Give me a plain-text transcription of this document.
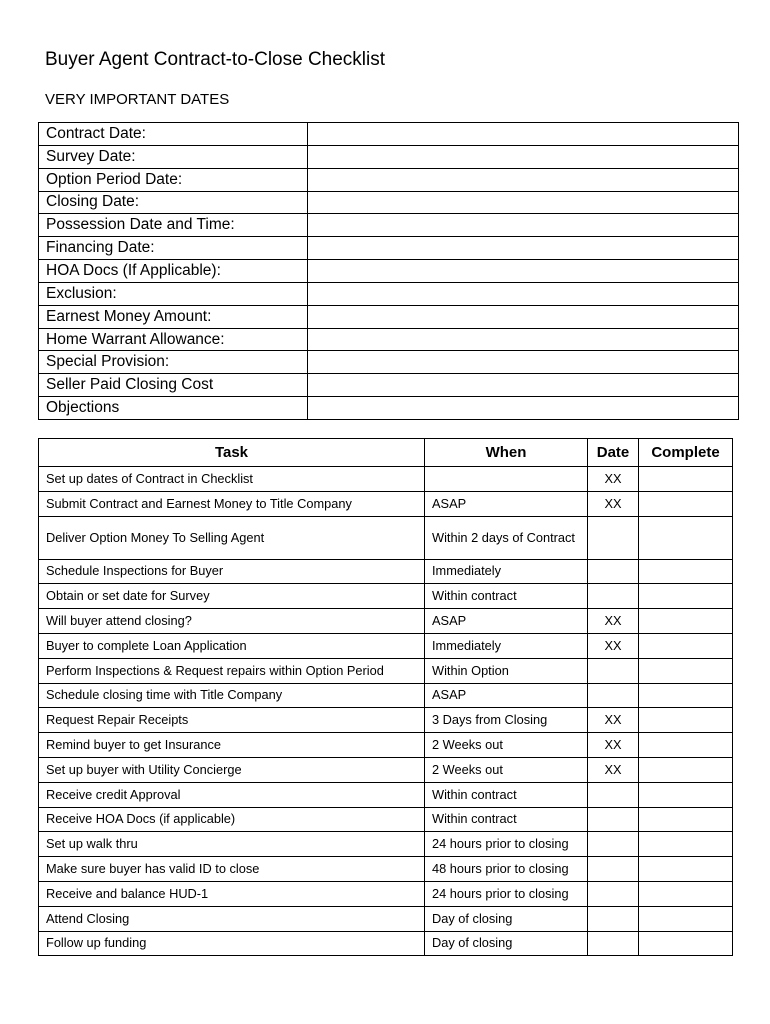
Buyer Agent Contract-to-Close Checklist
VERY IMPORTANT DATES
Contract Date:	
Survey Date:	
Option Period Date:	
Closing Date:	
Possession Date and Time:	
Financing Date:	
HOA Docs (If Applicable):	
Exclusion:	
Earnest Money Amount:	
Home Warrant Allowance:	
Special Provision:	
Seller Paid Closing Cost	
Objections	
Task	When	Date	Complete
Set up dates of Contract in Checklist		XX	
Submit Contract and Earnest Money to Title Company	ASAP	XX	
Deliver Option Money To Selling Agent	Within 2 days of Contract		
Schedule Inspections for Buyer	Immediately		
Obtain or set date for Survey	Within contract		
Will buyer attend closing?	ASAP	XX	
Buyer to complete Loan Application	Immediately	XX	
Perform Inspections & Request repairs within Option Period	Within Option		
Schedule closing time with Title Company	ASAP		
Request Repair Receipts	3 Days from Closing	XX	
Remind buyer to get Insurance	2 Weeks out	XX	
Set up buyer with Utility Concierge	2 Weeks out	XX	
Receive credit Approval	Within contract		
Receive HOA Docs (if applicable)	Within contract		
Set up walk thru	24 hours prior to closing		
Make sure buyer has valid ID to close	48 hours prior to closing		
Receive and balance HUD-1	24 hours prior to closing		
Attend Closing	Day of closing		
Follow up funding	Day of closing		
